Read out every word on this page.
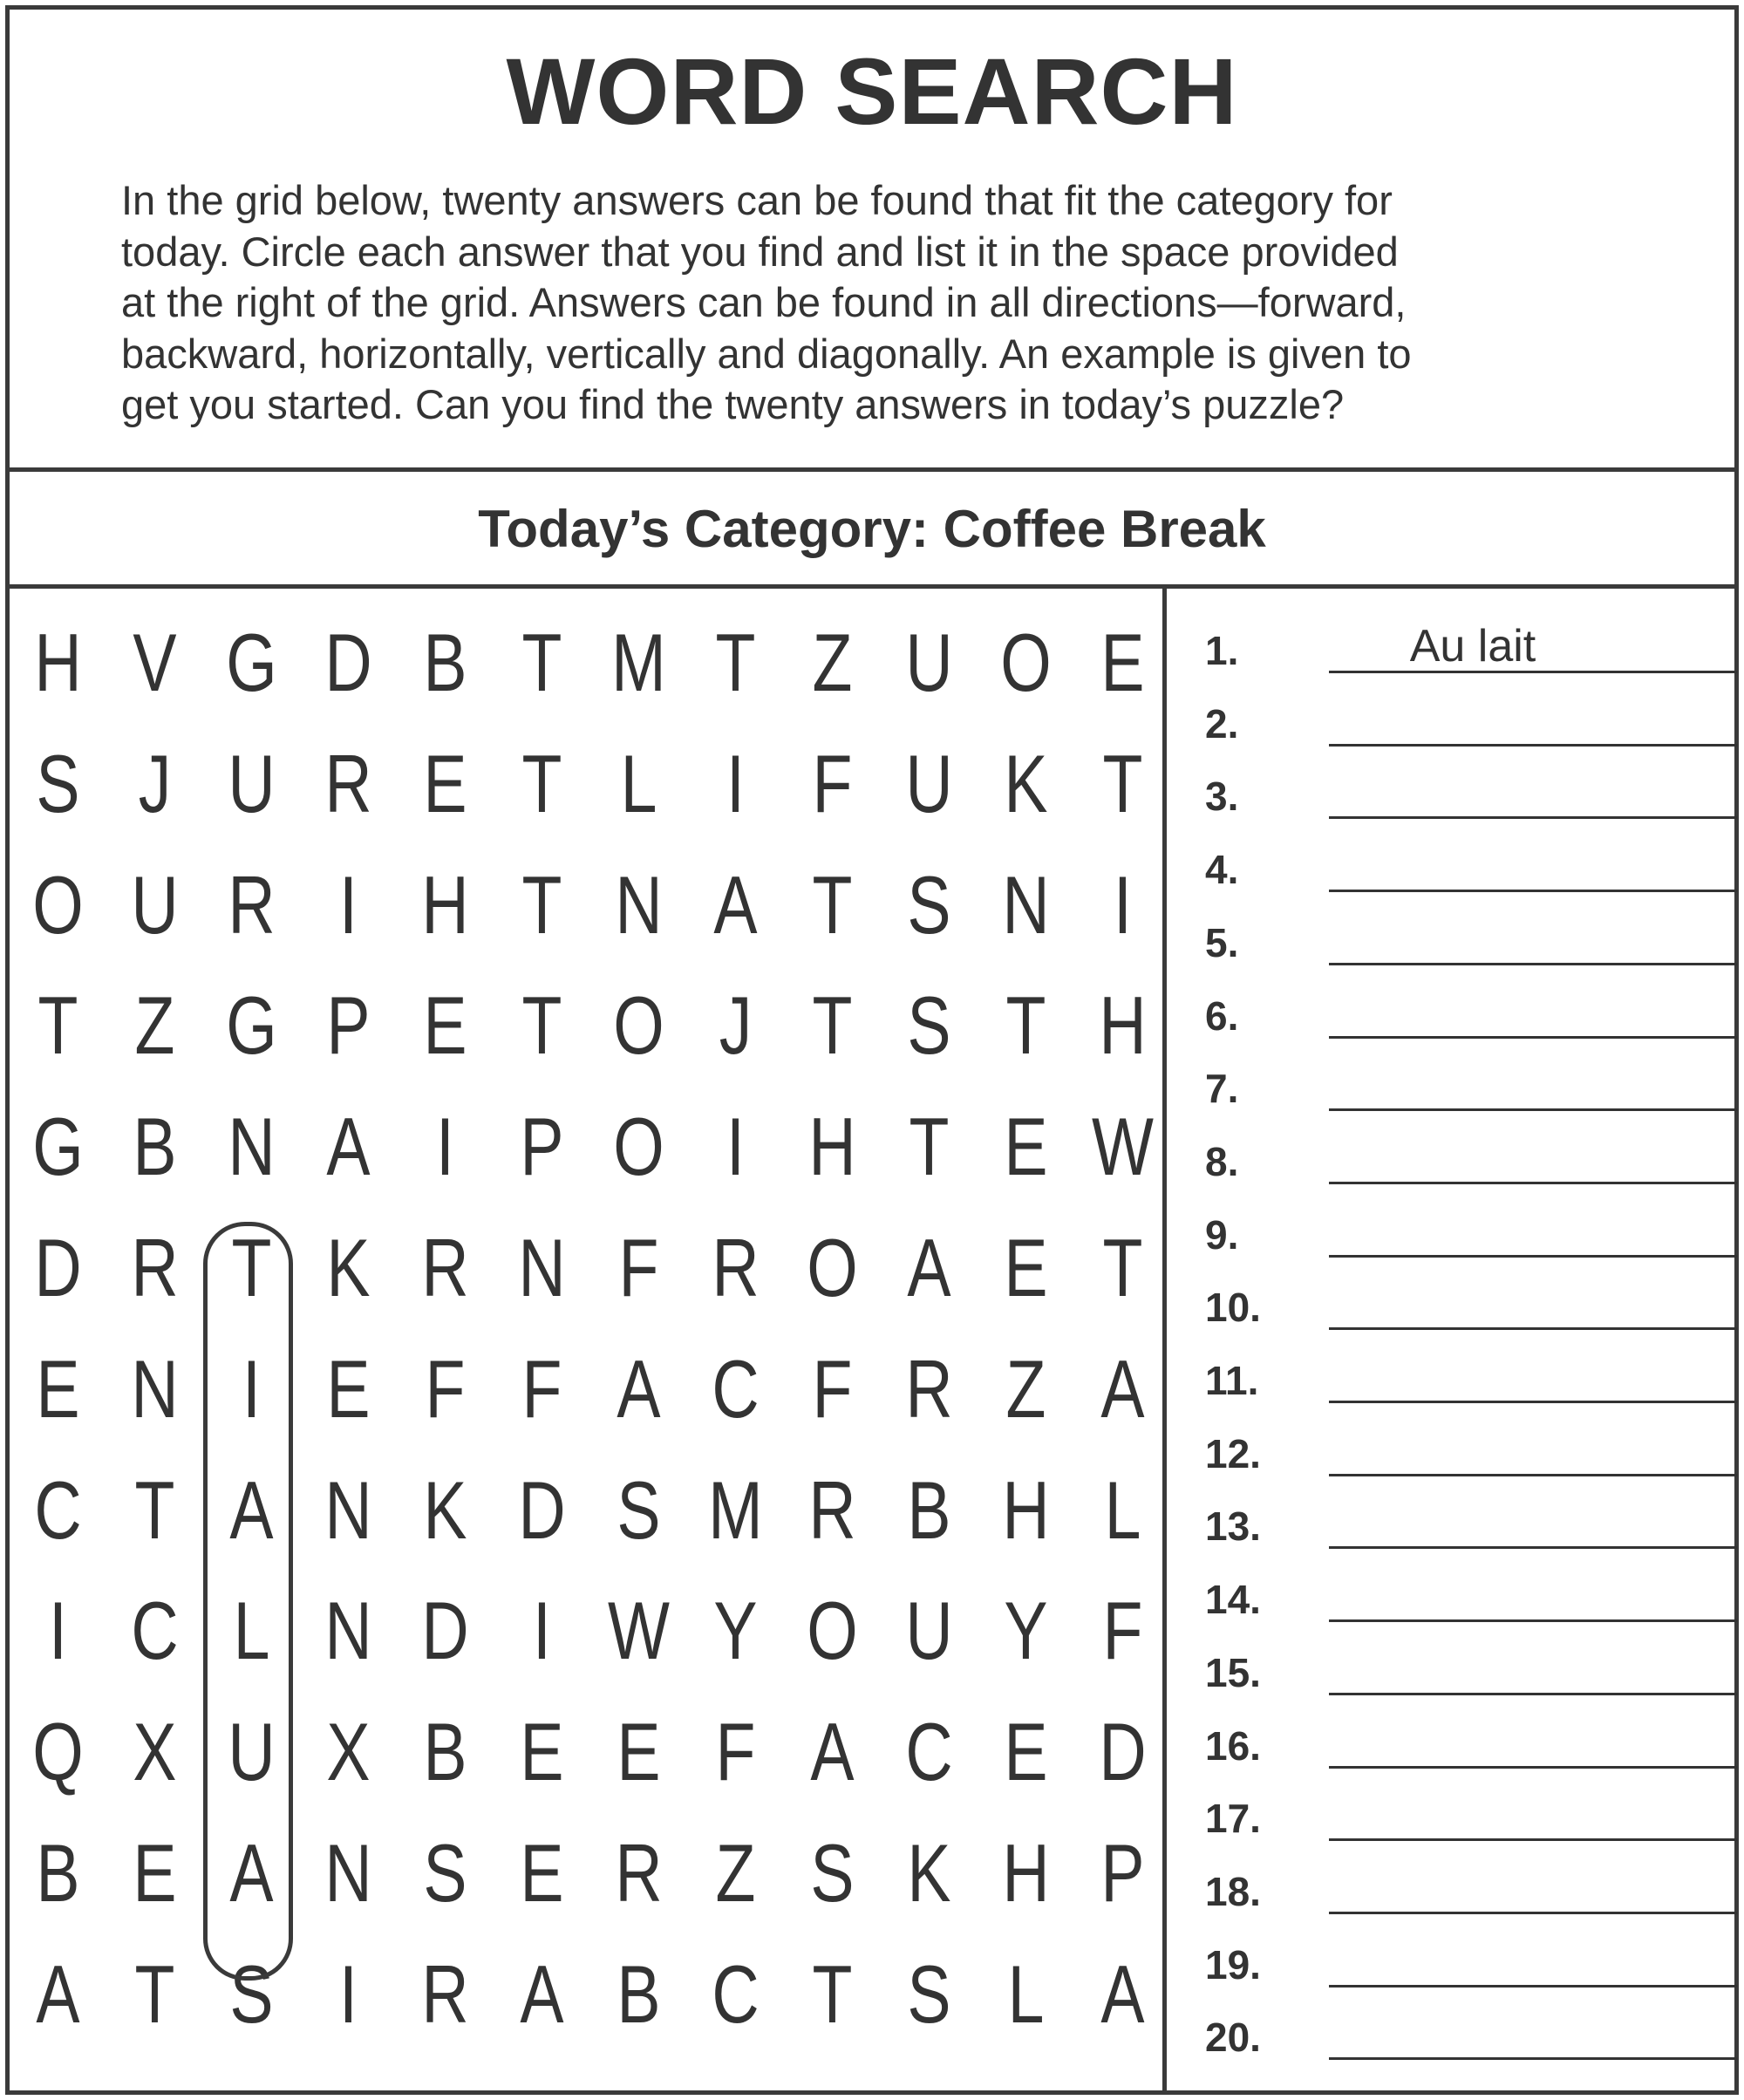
WORD SEARCH
In the grid below, twenty answers can be found that fit the category for
today. Circle each answer that you find and list it in the space provided
at the right of the grid. Answers can be found in all directions—forward,
backward, horizontally, vertically and diagonally. An example is given to
get you started. Can you find the twenty answers in today’s puzzle?
Today’s Category: Coffee Break
H V G D B T M T Z U O E
S J U R E T L I F U K T
O U R I H T N A T S N I
T Z G P E T O J T S T H
G B N A I P O I H T E W
D R T K R N F R O A E T
E N I E F F A C F R Z A
C T A N K D S M R B H L
I C L N D I W Y O U Y F
Q X U X B E E F A C E D
B E A N S E R Z S K H P
A T S I R A B C T S L A
1.	Au lait
2.
3.
4.
5.
6.
7.
8.
9.
10.
11.
12.
13.
14.
15.
16.
17.
18.
19.
20.
